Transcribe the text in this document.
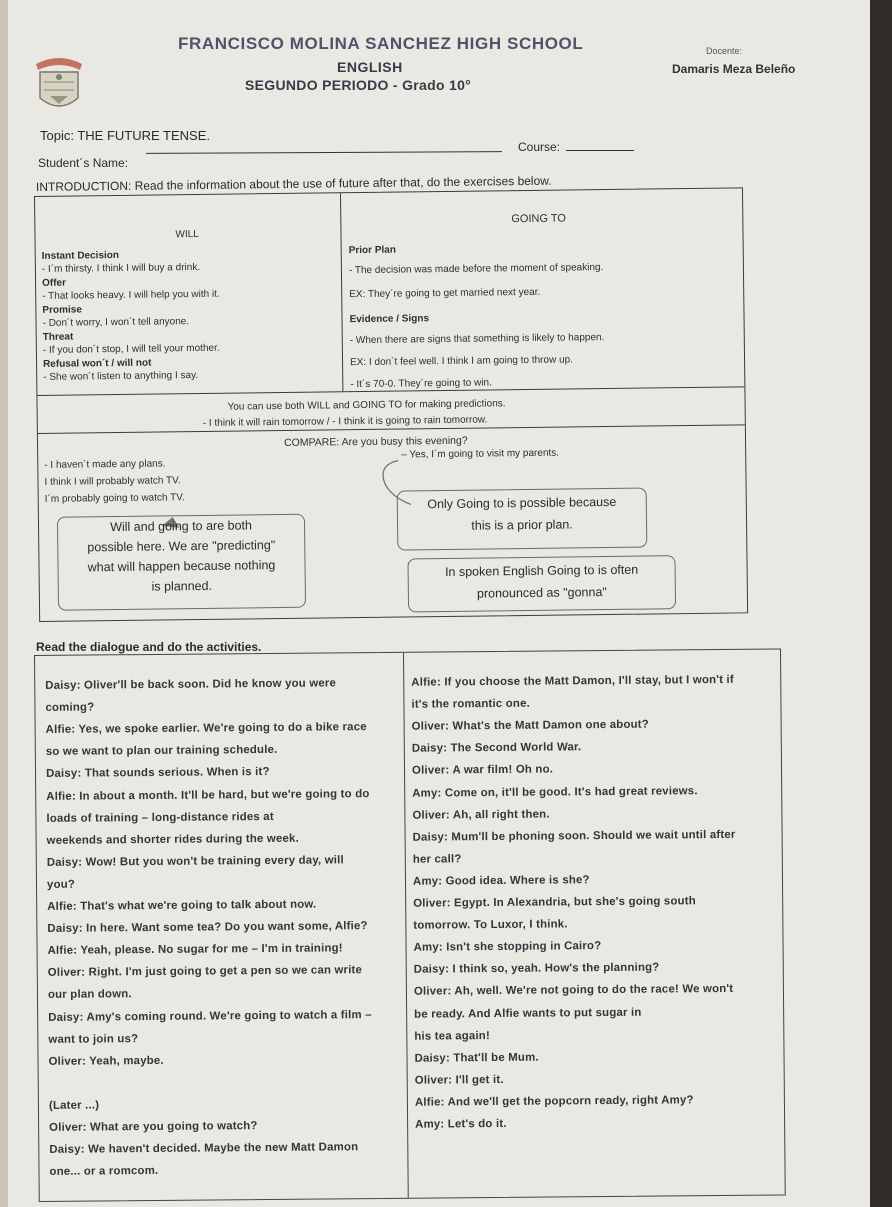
FRANCISCO MOLINA SANCHEZ HIGH SCHOOL
ENGLISH
SEGUNDO PERIODO - Grado 10°
Docente:
Damaris Meza Beleño
Topic: THE FUTURE TENSE.
Course:
Student´s Name:
INTRODUCTION: Read the information about the use of future after that, do the exercises below.
WILL
GOING TO
Instant Decision
- I´m thirsty. I think I will buy a drink.
Offer
- That looks heavy. I will help you with it.
Promise
- Don´t worry, I won´t tell anyone.
Threat
- If you don´t stop, I will tell your mother.
Refusal won´t / will not
- She won´t listen to anything I say.
Prior Plan
- The decision was made before the moment of speaking.
EX: They´re going to get married next year.
Evidence / Signs
- When there are signs that something is likely to happen.
EX: I don´t feel well. I think I am going to throw up.
- It´s 70-0. They´re going to win.
You can use both WILL and GOING TO for making predictions.
- I think it will rain tomorrow / - I think it is going to rain tomorrow.
COMPARE: Are you busy this evening?
- I haven´t made any plans.
I think I will probably watch TV.
I´m probably going to watch TV.
– Yes, I´m going to visit my parents.
Will and going to are both
possible here. We are "predicting"
what will happen because nothing
is planned.
Only Going to is possible because
this is a prior plan.
In spoken English Going to is often
pronounced as "gonna"
Read the dialogue and do the activities.
Daisy: Oliver'll be back soon. Did he know you were
coming?
Alfie: Yes, we spoke earlier. We're going to do a bike race
so we want to plan our training schedule.
Daisy: That sounds serious. When is it?
Alfie: In about a month. It'll be hard, but we're going to do
loads of training – long-distance rides at
weekends and shorter rides during the week.
Daisy: Wow! But you won't be training every day, will
you?
Alfie: That's what we're going to talk about now.
Daisy: In here. Want some tea? Do you want some, Alfie?
Alfie: Yeah, please. No sugar for me – I'm in training!
Oliver: Right. I'm just going to get a pen so we can write
our plan down.
Daisy: Amy's coming round. We're going to watch a film –
want to join us?
Oliver: Yeah, maybe.
(Later ...)
Oliver: What are you going to watch?
Daisy: We haven't decided. Maybe the new Matt Damon
one... or a romcom.
Alfie: If you choose the Matt Damon, I'll stay, but I won't if
it's the romantic one.
Oliver: What's the Matt Damon one about?
Daisy: The Second World War.
Oliver: A war film! Oh no.
Amy: Come on, it'll be good. It's had great reviews.
Oliver: Ah, all right then.
Daisy: Mum'll be phoning soon. Should we wait until after
her call?
Amy: Good idea. Where is she?
Oliver: Egypt. In Alexandria, but she's going south
tomorrow. To Luxor, I think.
Amy: Isn't she stopping in Cairo?
Daisy: I think so, yeah. How's the planning?
Oliver: Ah, well. We're not going to do the race! We won't
be ready. And Alfie wants to put sugar in
his tea again!
Daisy: That'll be Mum.
Oliver: I'll get it.
Alfie: And we'll get the popcorn ready, right Amy?
Amy: Let's do it.
